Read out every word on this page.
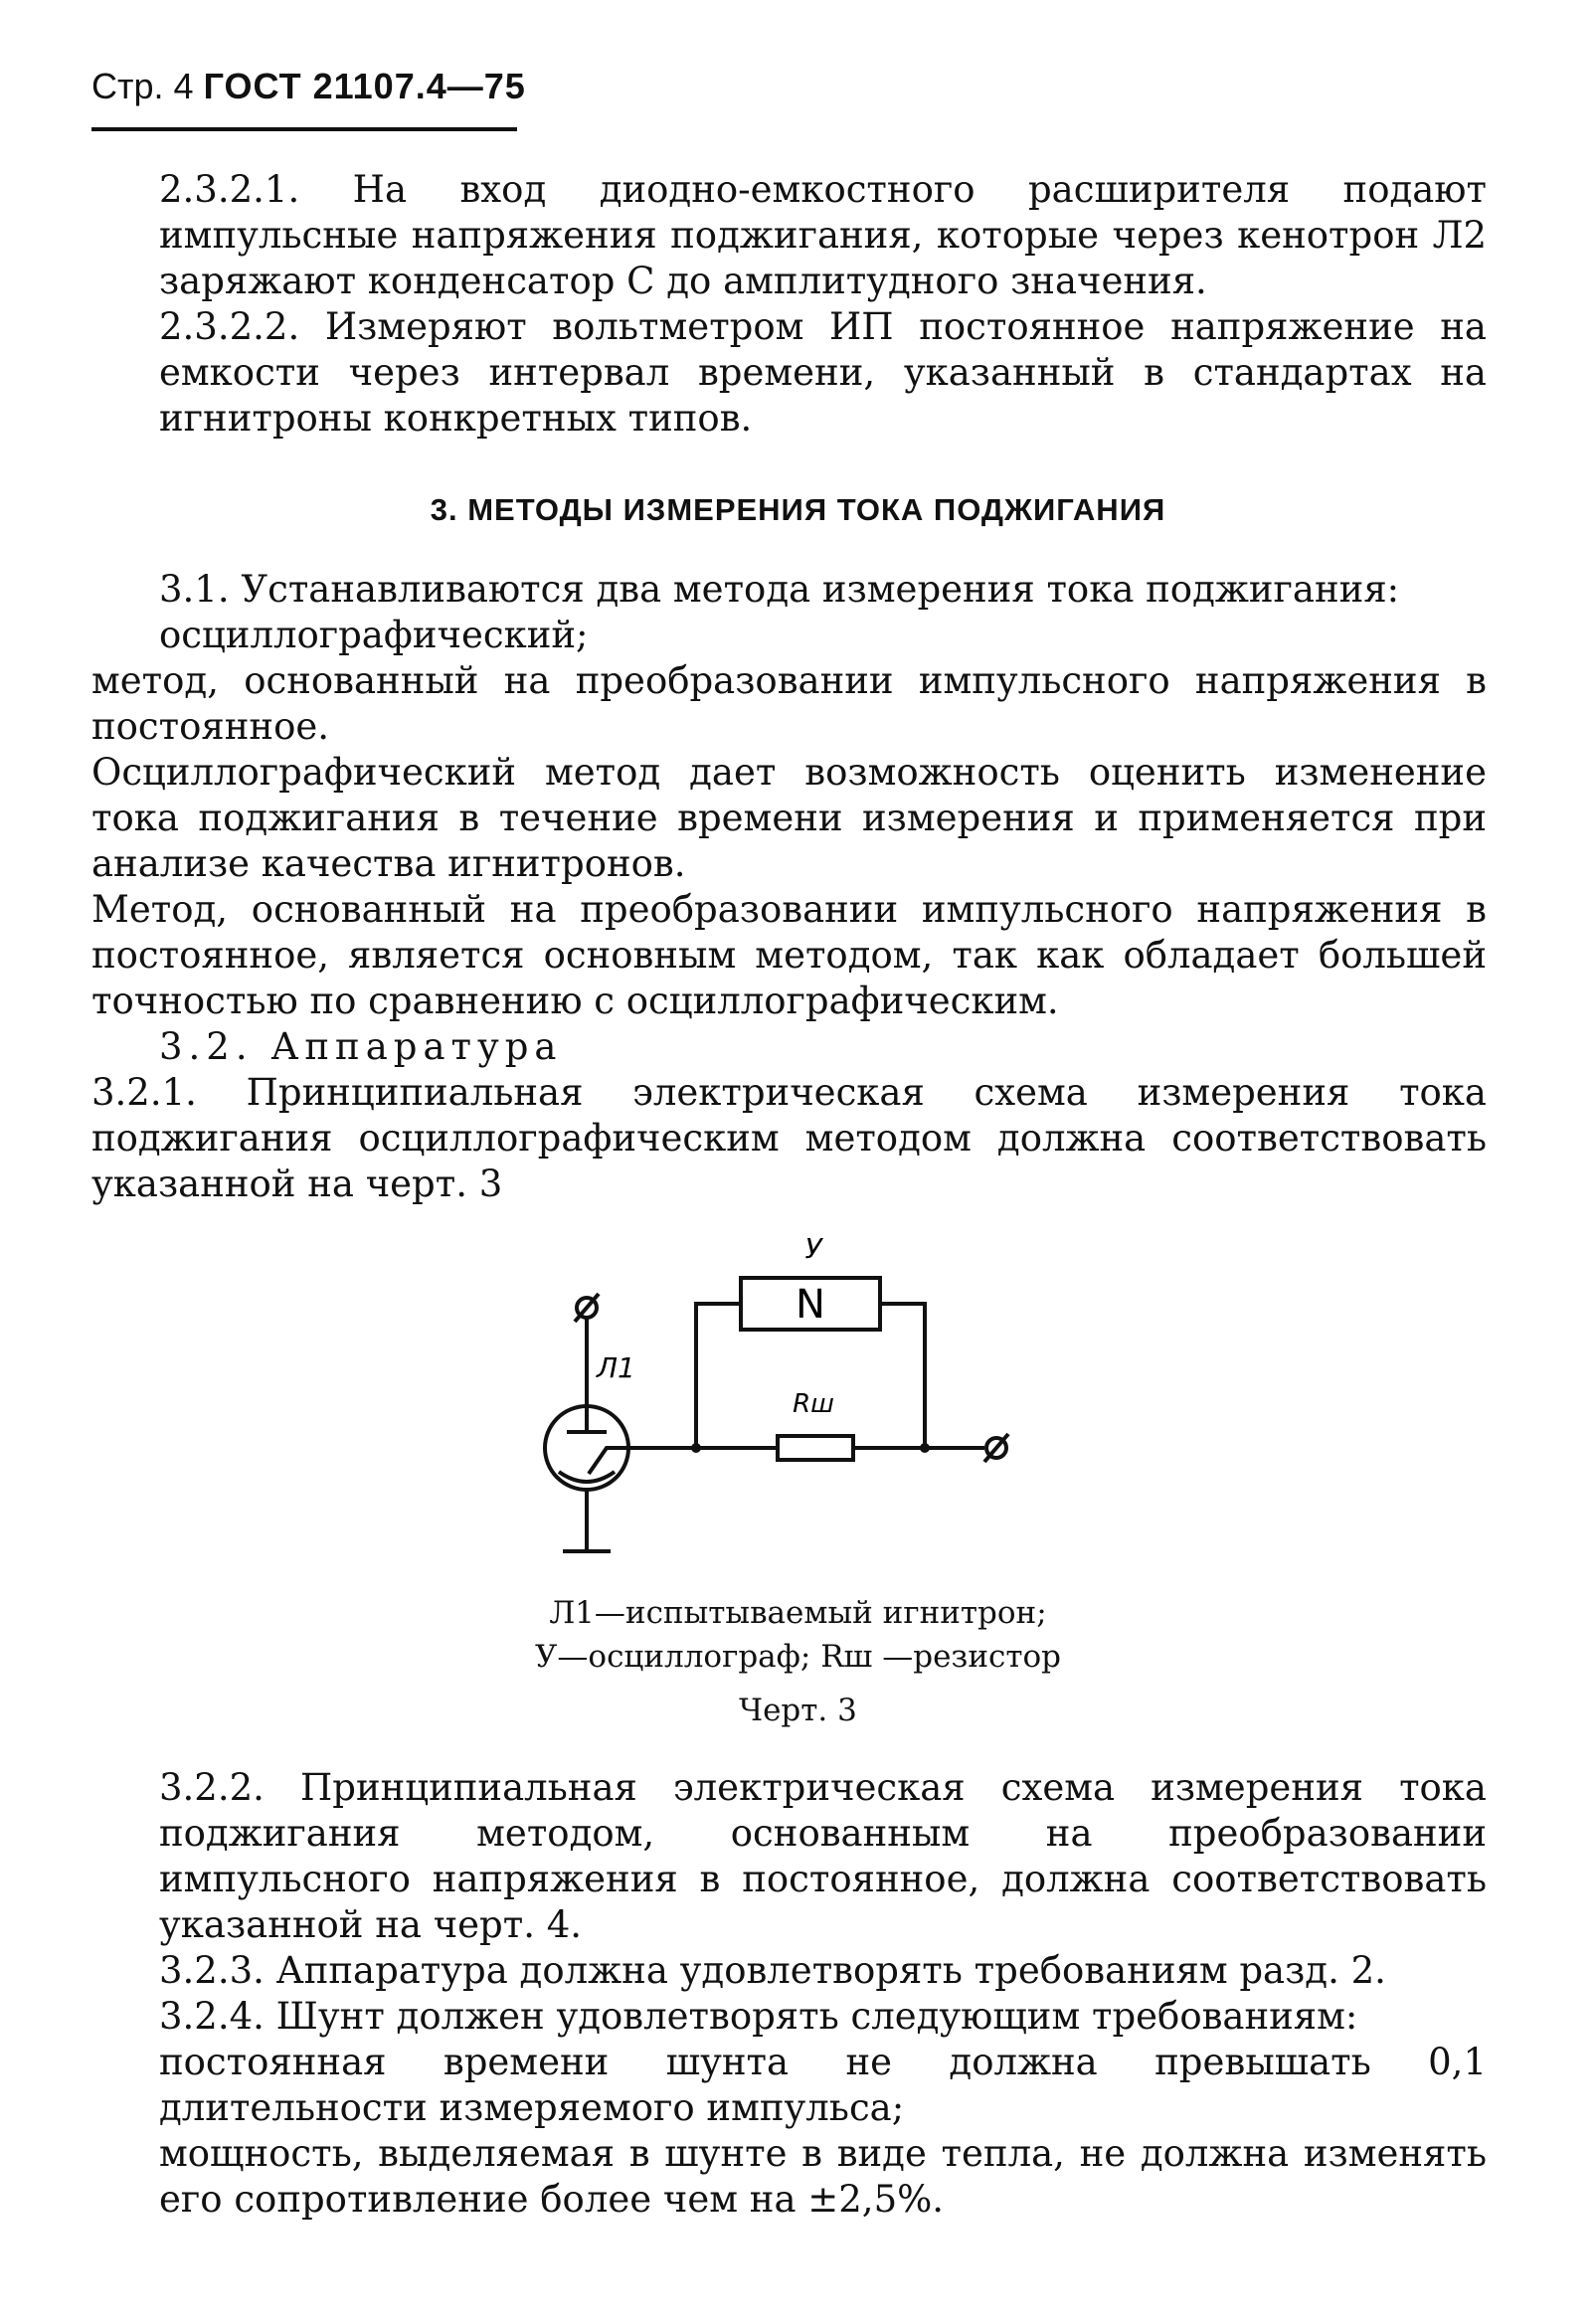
Стр. 4 ГОСТ 21107.4—75

2.3.2.1. На вход диодно-емкостного расширителя подают импульсные напряжения поджигания, которые через кенотрон Л2 заряжают конденсатор С до амплитудного значения.

2.3.2.2. Измеряют вольтметром ИП постоянное напряжение на емкости через интервал времени, указанный в стандартах на игнитроны конкретных типов.

3. МЕТОДЫ ИЗМЕРЕНИЯ ТОКА ПОДЖИГАНИЯ

3.1. Устанавливаются два метода измерения тока поджигания:

осциллографический;

метод, основанный на преобразовании импульсного напряжения в постоянное.

Осциллографический метод дает возможность оценить изменение тока поджигания в течение времени измерения и применяется при анализе качества игнитронов.

Метод, основанный на преобразовании импульсного напряжения в постоянное, является основным методом, так как обладает большей точностью по сравнению с осциллографическим.

3.2. Аппаратура

3.2.1. Принципиальная электрическая схема измерения тока поджигания осциллографическим методом должна соответствовать указанной на черт. 3

У
N
Rш
Л1
Л1—испытываемый игнитрон;
У—осциллограф; Rш —резистор
Черт. 3

3.2.2. Принципиальная электрическая схема измерения тока поджигания методом, основанным на преобразовании импульсного напряжения в постоянное, должна соответствовать указанной на черт. 4.

3.2.3. Аппаратура должна удовлетворять требованиям разд. 2.

3.2.4. Шунт должен удовлетворять следующим требованиям:

постоянная времени шунта не должна превышать 0,1 длительности измеряемого импульса;

мощность, выделяемая в шунте в виде тепла, не должна изменять его сопротивление более чем на ±2,5%.
